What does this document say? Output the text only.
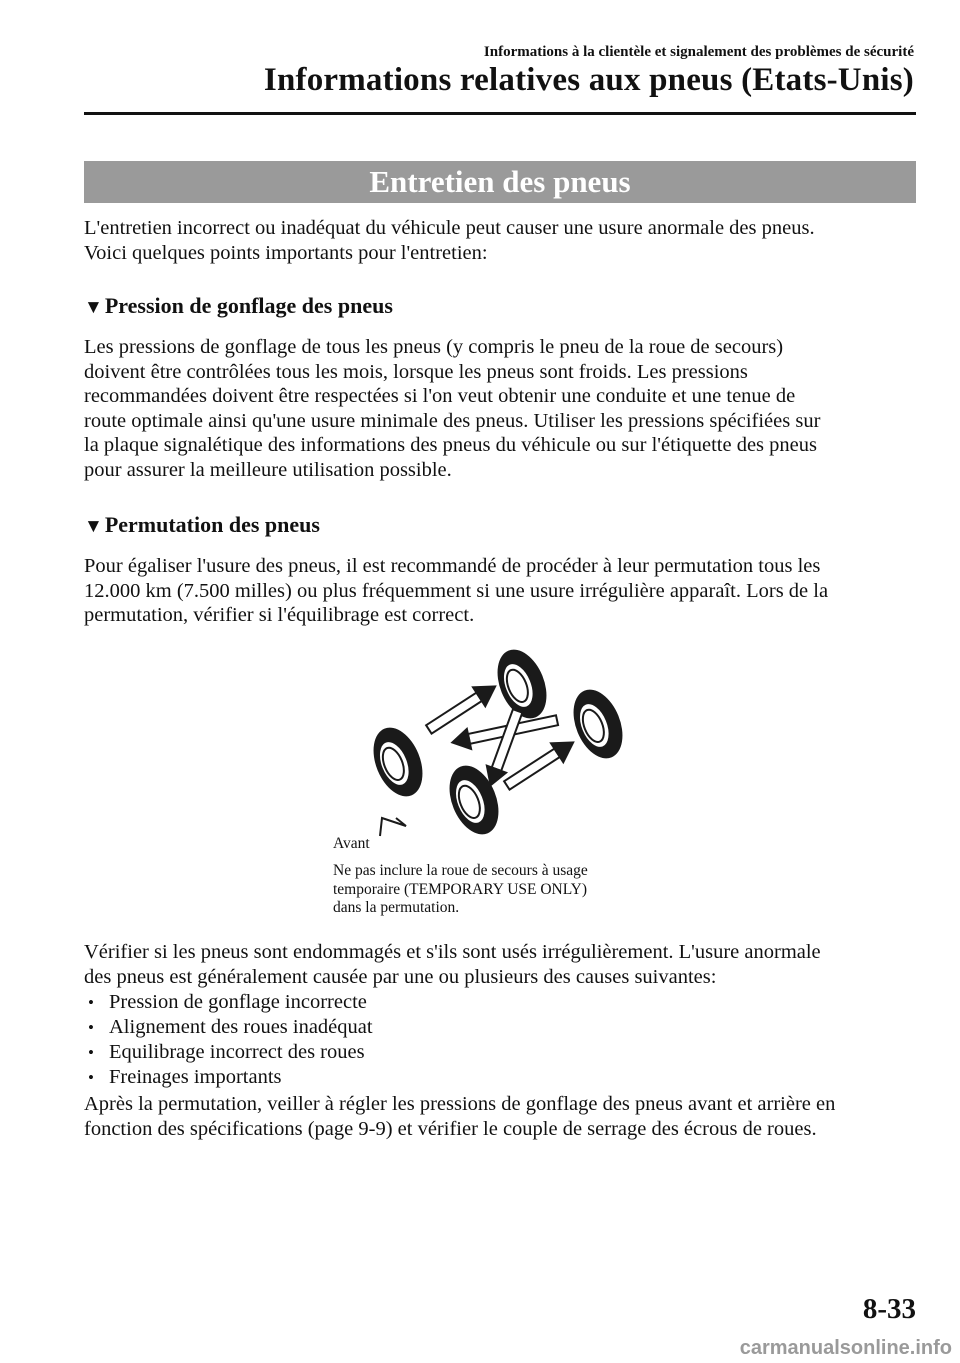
Informations à la clientèle et signalement des problèmes de sécurité
Informations relatives aux pneus (Etats-Unis)
Entretien des pneus
L'entretien incorrect ou inadéquat du véhicule peut causer une usure anormale des pneus.
Voici quelques points importants pour l'entretien:
▼Pression de gonflage des pneus
Les pressions de gonflage de tous les pneus (y compris le pneu de la roue de secours)
doivent être contrôlées tous les mois, lorsque les pneus sont froids. Les pressions
recommandées doivent être respectées si l'on veut obtenir une conduite et une tenue de
route optimale ainsi qu'une usure minimale des pneus. Utiliser les pressions spécifiées sur
la plaque signalétique des informations des pneus du véhicule ou sur l'étiquette des pneus
pour assurer la meilleure utilisation possible.
▼Permutation des pneus
Pour égaliser l'usure des pneus, il est recommandé de procéder à leur permutation tous les
12.000 km (7.500 milles) ou plus fréquemment si une usure irrégulière apparaît. Lors de la
permutation, vérifier si l'équilibrage est correct.
Avant
Ne pas inclure la roue de secours à usage
temporaire (TEMPORARY USE ONLY)
dans la permutation.
Vérifier si les pneus sont endommagés et s'ils sont usés irrégulièrement. L'usure anormale
des pneus est généralement causée par une ou plusieurs des causes suivantes:
• Pression de gonflage incorrecte
• Alignement des roues inadéquat
• Equilibrage incorrect des roues
• Freinages importants
Après la permutation, veiller à régler les pressions de gonflage des pneus avant et arrière en
fonction des spécifications (page 9-9) et vérifier le couple de serrage des écrous de roues.
8-33
carmanualsonline.info
